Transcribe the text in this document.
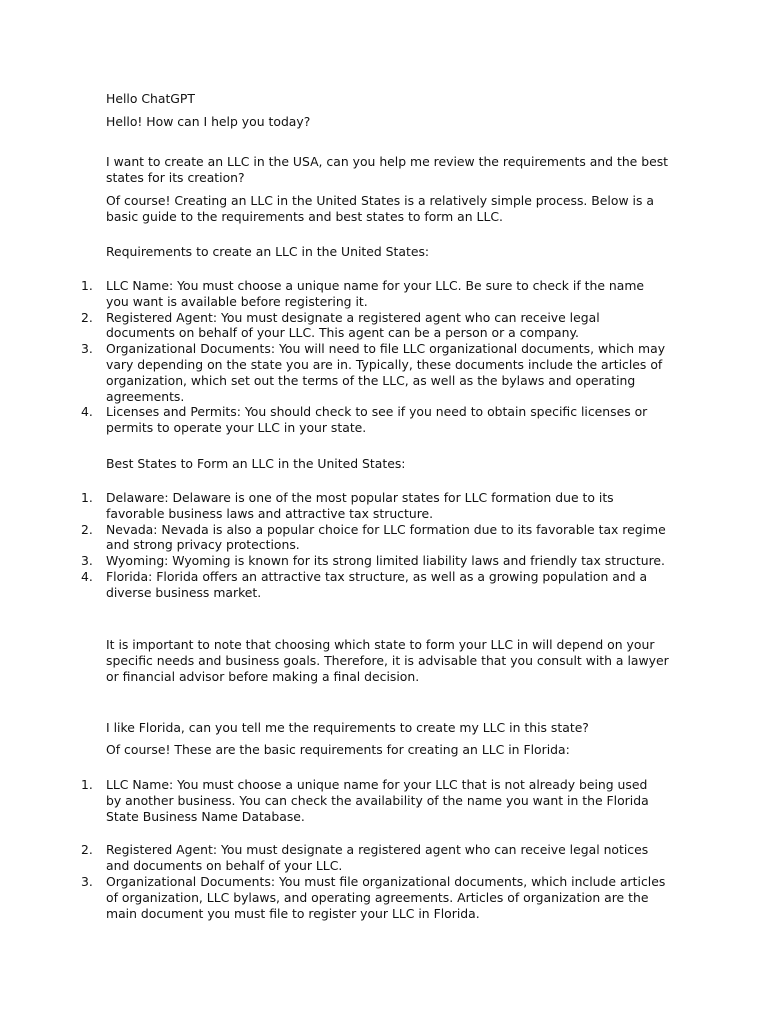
Hello ChatGPT

Hello! How can I help you today?

I want to create an LLC in the USA, can you help me review the requirements and the best states for its creation?

Of course! Creating an LLC in the United States is a relatively simple process. Below is a basic guide to the requirements and best states to form an LLC.

Requirements to create an LLC in the United States:

1. LLC Name: You must choose a unique name for your LLC. Be sure to check if the name you want is available before registering it.
2. Registered Agent: You must designate a registered agent who can receive legal documents on behalf of your LLC. This agent can be a person or a company.
3. Organizational Documents: You will need to file LLC organizational documents, which may vary depending on the state you are in. Typically, these documents include the articles of organization, which set out the terms of the LLC, as well as the bylaws and operating agreements.
4. Licenses and Permits: You should check to see if you need to obtain specific licenses or permits to operate your LLC in your state.

Best States to Form an LLC in the United States:

1. Delaware: Delaware is one of the most popular states for LLC formation due to its favorable business laws and attractive tax structure.
2. Nevada: Nevada is also a popular choice for LLC formation due to its favorable tax regime and strong privacy protections.
3. Wyoming: Wyoming is known for its strong limited liability laws and friendly tax structure.
4. Florida: Florida offers an attractive tax structure, as well as a growing population and a diverse business market.

It is important to note that choosing which state to form your LLC in will depend on your specific needs and business goals. Therefore, it is advisable that you consult with a lawyer or financial advisor before making a final decision.

I like Florida, can you tell me the requirements to create my LLC in this state?

Of course! These are the basic requirements for creating an LLC in Florida:

1. LLC Name: You must choose a unique name for your LLC that is not already being used by another business. You can check the availability of the name you want in the Florida State Business Name Database.
2. Registered Agent: You must designate a registered agent who can receive legal notices and documents on behalf of your LLC.
3. Organizational Documents: You must file organizational documents, which include articles of organization, LLC bylaws, and operating agreements. Articles of organization are the main document you must file to register your LLC in Florida.
